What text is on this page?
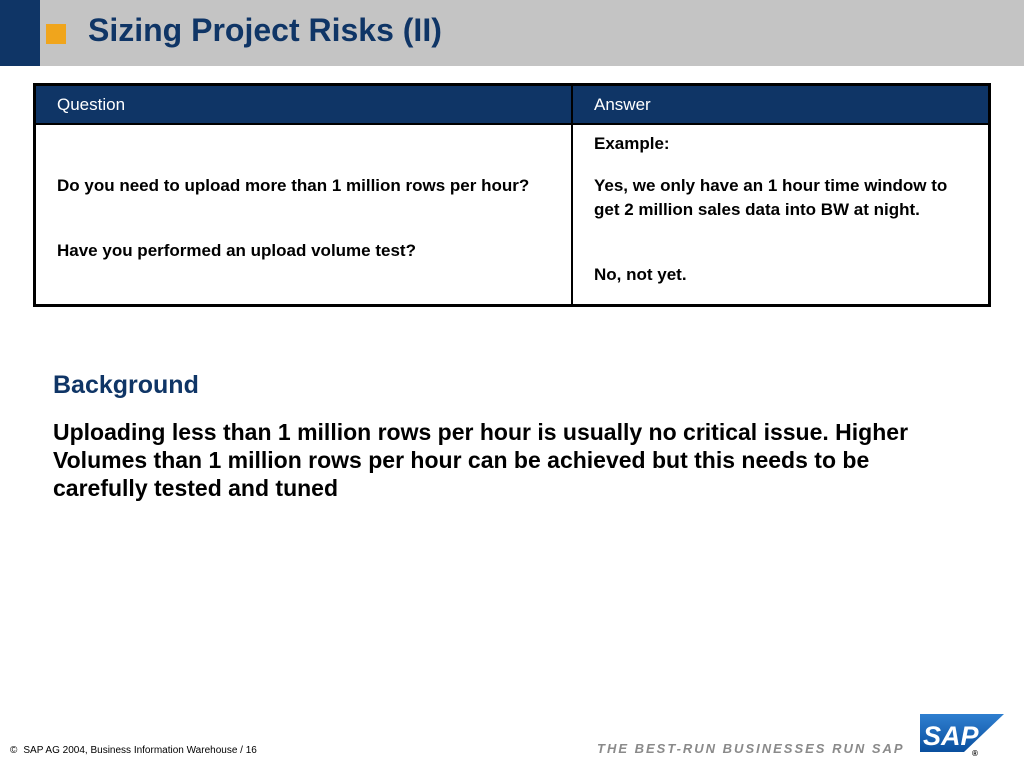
Sizing Project Risks (II)
Question	Answer
Do you need to upload more than 1 million rows per hour?
Have you performed an upload volume test?
Example:
Yes, we only have an 1 hour time window to get 2 million sales data into BW at night.
No, not yet.
Background
Uploading less than 1 million rows per hour is usually no critical issue. Higher Volumes than 1 million rows per hour can be achieved but this needs to be carefully tested and tuned
© SAP AG 2004, Business Information Warehouse / 16	THE BEST-RUN BUSINESSES RUN SAP SAP
®
